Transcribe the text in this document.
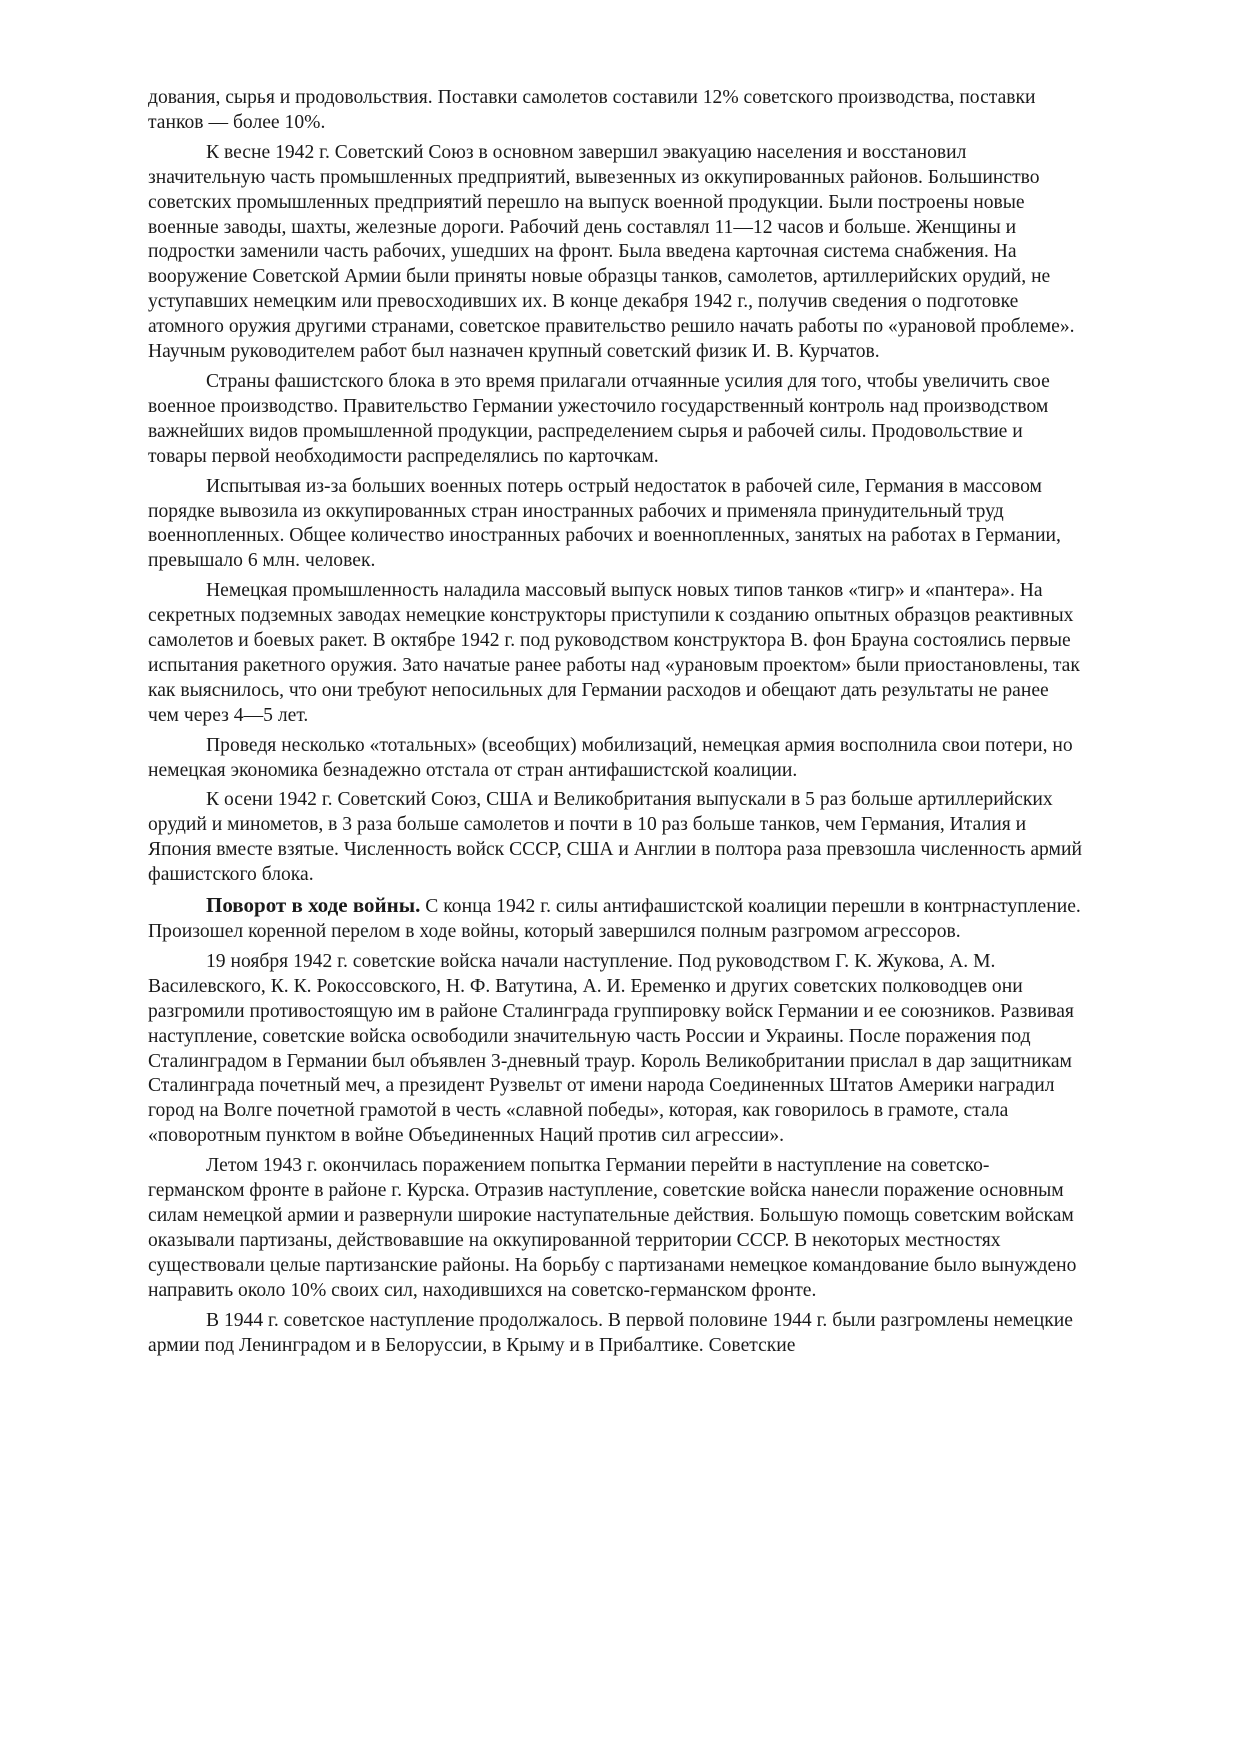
дования, сырья и продовольствия. Поставки самолетов составили 12% советского производства, поставки танков — более 10%.

К весне 1942 г. Советский Союз в основном завершил эвакуацию населения и восстановил значительную часть промышленных предприятий, вывезенных из оккупированных районов. Большинство советских промышленных предприятий перешло на выпуск военной продукции. Были построены новые военные заводы, шахты, железные дороги. Рабочий день составлял 11—12 часов и больше. Женщины и подростки заменили часть рабочих, ушедших на фронт. Была введена карточная система снабжения. На вооружение Советской Армии были приняты новые образцы танков, самолетов, артиллерийских орудий, не уступавших немецким или превосходивших их. В конце декабря 1942 г., получив сведения о подготовке атомного оружия другими странами, советское правительство решило начать работы по «урановой проблеме». Научным руководителем работ был назначен крупный советский физик И. В. Курчатов.

Страны фашистского блока в это время прилагали отчаянные усилия для того, чтобы увеличить свое военное производство. Правительство Германии ужесточило государственный контроль над производством важнейших видов промышленной продукции, распределением сырья и рабочей силы. Продовольствие и товары первой необходимости распределялись по карточкам.

Испытывая из-за больших военных потерь острый недостаток в рабочей силе, Германия в массовом порядке вывозила из оккупированных стран иностранных рабочих и применяла принудительный труд военнопленных. Общее количество иностранных рабочих и военнопленных, занятых на работах в Германии, превышало 6 млн. человек.

Немецкая промышленность наладила массовый выпуск новых типов танков «тигр» и «пантера». На секретных подземных заводах немецкие конструкторы приступили к созданию опытных образцов реактивных самолетов и боевых ракет. В октябре 1942 г. под руководством конструктора В. фон Брауна состоялись первые испытания ракетного оружия. Зато начатые ранее работы над «урановым проектом» были приостановлены, так как выяснилось, что они требуют непосильных для Германии расходов и обещают дать результаты не ранее чем через 4—5 лет.

Проведя несколько «тотальных» (всеобщих) мобилизаций, немецкая армия восполнила свои потери, но немецкая экономика безнадежно отстала от стран антифашистской коалиции.

К осени 1942 г. Советский Союз, США и Великобритания выпускали в 5 раз больше артиллерийских орудий и минометов, в 3 раза больше самолетов и почти в 10 раз больше танков, чем Германия, Италия и Япония вместе взятые. Численность войск СССР, США и Англии в полтора раза превзошла численность армий фашистского блока.

Поворот в ходе войны. С конца 1942 г. силы антифашистской коалиции перешли в контрнаступление. Произошел коренной перелом в ходе войны, который завершился полным разгромом агрессоров.

19 ноября 1942 г. советские войска начали наступление. Под руководством Г. К. Жукова, А. М. Василевского, К. К. Рокоссовского, Н. Ф. Ватутина, А. И. Еременко и других советских полководцев они разгромили противостоящую им в районе Сталинграда группировку войск Германии и ее союзников. Развивая наступление, советские войска освободили значительную часть России и Украины. После поражения под Сталинградом в Германии был объявлен 3-дневный траур. Король Великобритании прислал в дар защитникам Сталинграда почетный меч, а президент Рузвельт от имени народа Соединенных Штатов Америки наградил город на Волге почетной грамотой в честь «славной победы», которая, как говорилось в грамоте, стала «поворотным пунктом в войне Объединенных Наций против сил агрессии».

Летом 1943 г. окончилась поражением попытка Германии перейти в наступление на советско-германском фронте в районе г. Курска. Отразив наступление, советские войска нанесли поражение основным силам немецкой армии и развернули широкие наступательные действия. Большую помощь советским войскам оказывали партизаны, действовавшие на оккупированной территории СССР. В некоторых местностях существовали целые партизанские районы. На борьбу с партизанами немецкое командование было вынуждено направить около 10% своих сил, находившихся на советско-германском фронте.

В 1944 г. советское наступление продолжалось. В первой половине 1944 г. были разгромлены немецкие армии под Ленинградом и в Белоруссии, в Крыму и в Прибалтике. Советские
